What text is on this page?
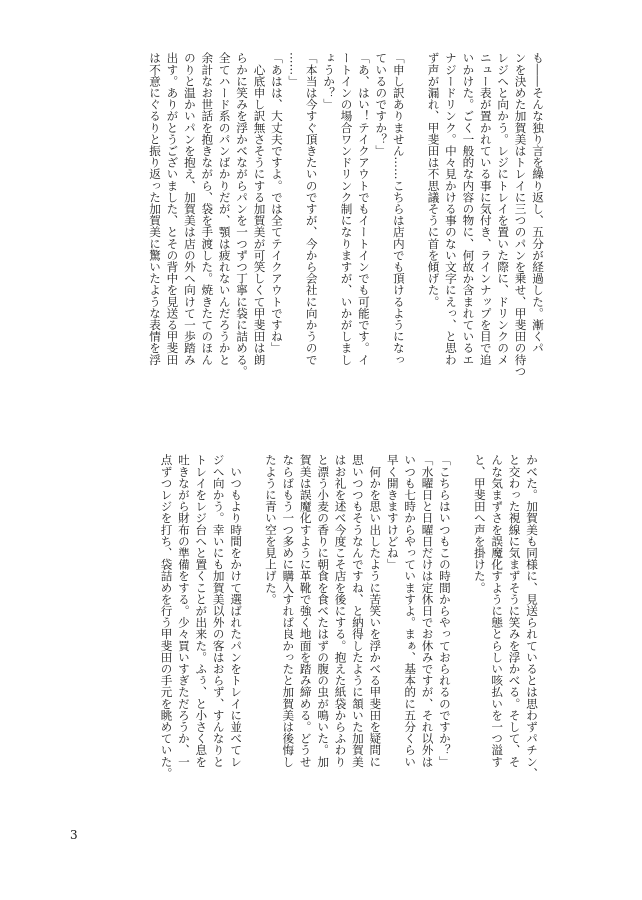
も――そんな独り言を繰り返し、五分が経過した。漸くパ
ンを決めた加賀美はトレイに三つのパンを乗せ、甲斐田の待つ
レジへと向かう。レジにトレイを置いた際に、ドリンクのメ
ニュー表が置かれている事に気付き、ラインナップを目で追
いかけた。ごく一般的な内容の物に、何故か含まれているエ
ナジードリンク。中々見かける事のない文字にえっ、と思わ
ず声が漏れ、甲斐田は不思議そうに首を傾げた。
「申し訳ありません……こちらは店内でも頂けるようになっ
ているのですか？」
「あ、はい！テイクアウトでもイートインでも可能です。イ
ートインの場合ワンドリンク制になりますが、いかがしまし
ょうか？」
「本当は今すぐ頂きたいのですが、今から会社に向かうので
……」
「あはは、大丈夫ですよ。では全てテイクアウトですね」
　心底申し訳無さそうにする加賀美が可笑しくて甲斐田は朗
らかに笑みを浮かべながらパンを一つずつ丁寧に袋に詰める。
全てハード系のパンばかりだが、顎は疲れないんだろうかと
余計なお世話を抱きながら、袋を手渡した。焼きたてのほん
のりと温かいパンを抱え、加賀美は店の外へ向けて一歩踏み
出す。ありがとうございました、とその背中を見送る甲斐田
は不意にぐるりと振り返った加賀美に驚いたような表情を浮
かべた。加賀美も同様に、見送られているとは思わずパチン、
と交わった視線に気まずそうに笑みを浮かべる。そして、そ
んな気まずさを誤魔化すように態とらしい咳払いを一つ溢す
と、甲斐田へ声を掛けた。
「こちらはいつもこの時間からやっておられるのですか？」
「水曜日と日曜日だけは定休日でお休みですが、それ以外は
いつも七時からやっていますよ。まぁ、基本的に五分くらい
早く開きますけどね」
　何かを思い出したように苦笑いを浮かべる甲斐田を疑問に
思いつつもそうなんですね、と納得したように頷いた加賀美
はお礼を述べ今度こそ店を後にする。抱えた紙袋からふわり
と漂う小麦の香りに朝食を食べたはずの腹の虫が鳴いた。加
賀美は誤魔化すように革靴で強く地面を踏み締める。どうせ
ならばもう一つ多めに購入すれば良かったと加賀美は後悔し
たように青い空を見上げた。
　いつもより時間をかけて選ばれたパンをトレイに並べてレ
ジへ向かう。幸いにも加賀美以外の客はおらず、すんなりと
トレイをレジ台へと置くことが出来た。ふぅ、と小さく息を
吐きながら財布の準備をする。少々買いすぎただろうか、一
点ずつレジを打ち、袋詰めを行う甲斐田の手元を眺めていた。
3
